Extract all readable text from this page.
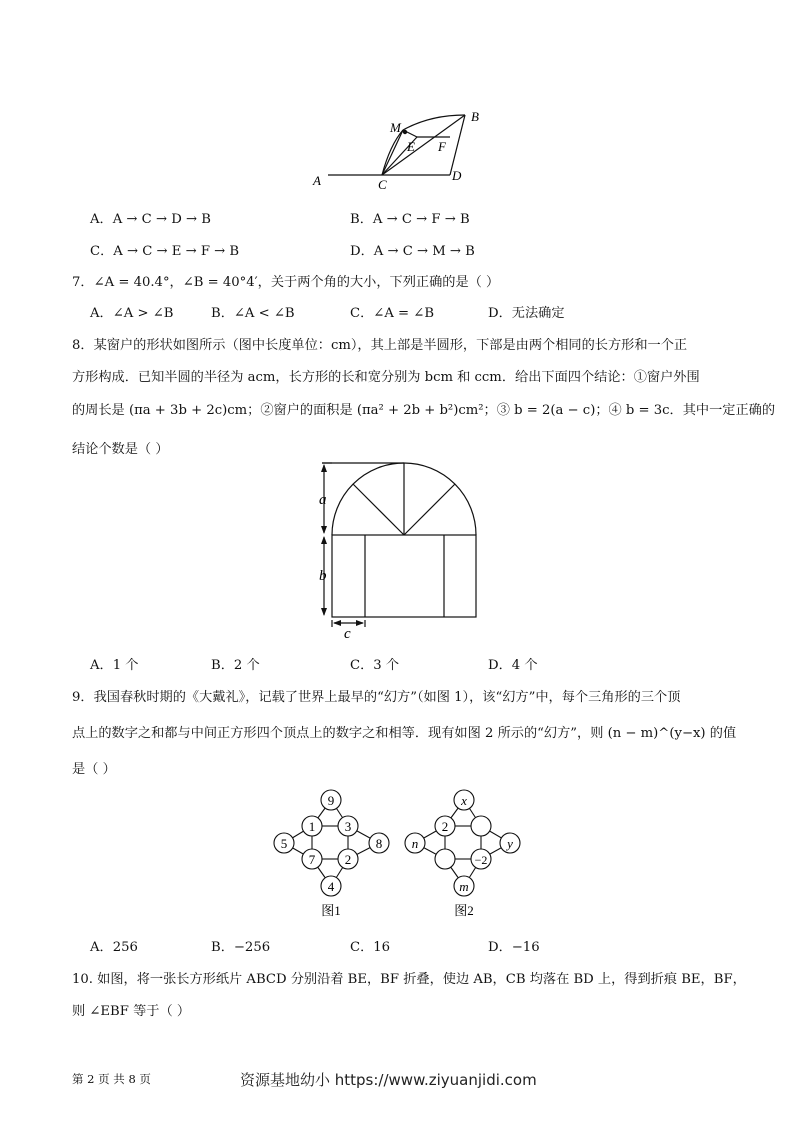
M
B
E F
A	C
D
A．A → C → D → B	B．A → C → F → B
C．A → C → E → F → B	D．A → C → M → B
7．∠A = 40.4°，∠B = 40°4′，关于两个角的大小，下列正确的是（ ）
A．∠A > ∠B	B．∠A < ∠B	C．∠A = ∠B	D．无法确定
8．某窗户的形状如图所示（图中长度单位：cm），其上部是半圆形，下部是由两个相同的长方形和一个正
方形构成．已知半圆的半径为 acm，长方形的长和宽分别为 bcm 和 ccm．给出下面四个结论：①窗户外围
的周长是 (πa + 3b + 2c)cm；②窗户的面积是 (πa² + 2b + b²)cm²；③ b = 2(a − c)；④ b = 3c．其中一定正确的
结论个数是（ ）
a
b
c
A．1 个	B．2 个	C．3 个	D．4 个
9．我国春秋时期的《大戴礼》，记载了世界上最早的“幻方”（如图 1），该“幻方”中，每个三角形的三个顶
点上的数字之和都与中间正方形四个顶点上的数字之和相等．现有如图 2 所示的“幻方”，则 (n − m)^(y−x) 的值
是（ ）
9
5	8
4
1 3
7 2
图1
x
n	y
m
2
−2
图2
A．256	B．−256	C．16	D．−16
10. 如图，将一张长方形纸片 ABCD 分别沿着 BE，BF 折叠，使边 AB，CB 均落在 BD 上，得到折痕 BE，BF，
则 ∠EBF 等于（ ）
第 2 页 共 8 页	资源基地幼小 https://www.ziyuanjidi.com
